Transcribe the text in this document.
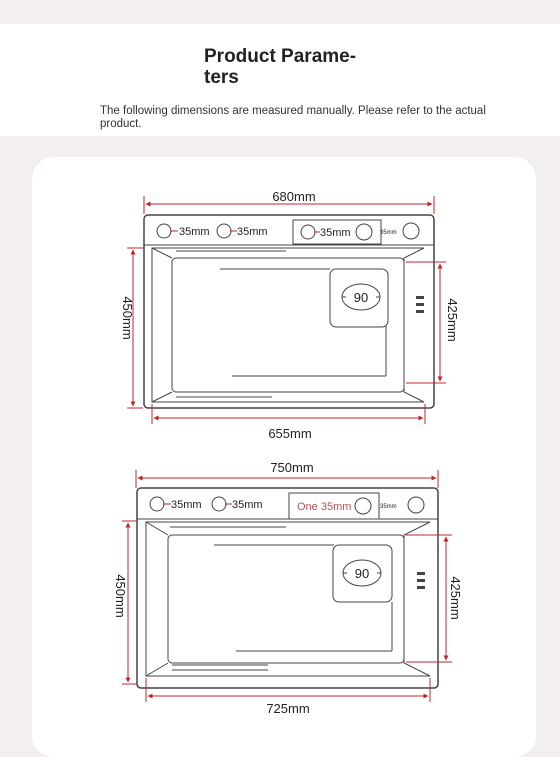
Product Parame-
ters

The following dimensions are measured manually. Please refer to the actual product.

680mm
35mm 35mm	35mm	35mm
90
450mm	425mm
655mm
750mm
35mm	35mm	One 35mm	35mm
90
450mm	425mm
725mm
